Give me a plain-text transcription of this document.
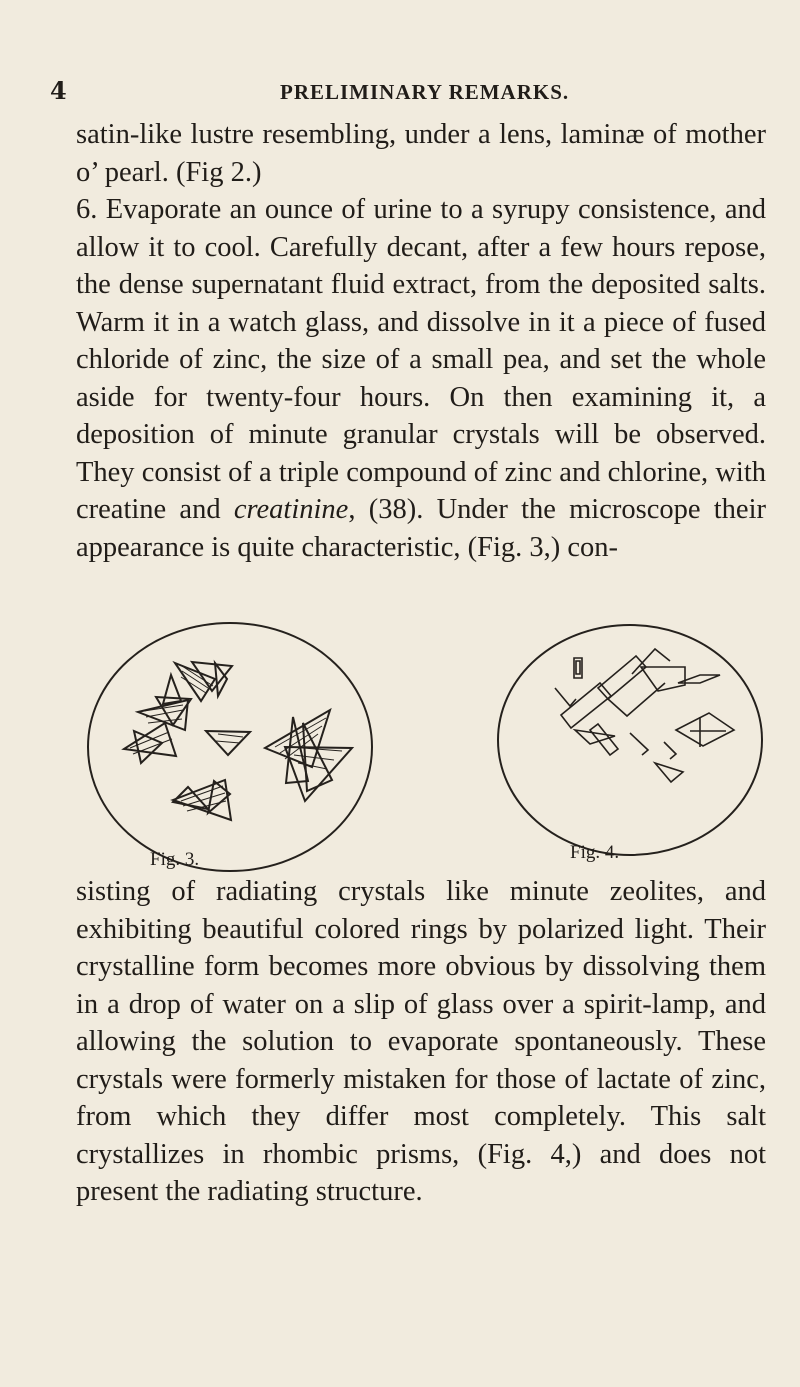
4	PRELIMINARY REMARKS.

satin-like lustre resembling, under a lens, laminæ of mother o’ pearl. (Fig 2.)

6. Evaporate an ounce of urine to a syrupy consistence, and allow it to cool. Carefully decant, after a few hours repose, the dense supernatant fluid extract, from the deposited salts. Warm it in a watch glass, and dissolve in it a piece of fused chloride of zinc, the size of a small pea, and set the whole aside for twenty-four hours. On then examining it, a deposition of minute granular crystals will be observed. They consist of a triple compound of zinc and chlorine, with creatine and creatinine, (38). Under the microscope their appearance is quite characteristic, (Fig. 3,) con-

Fig. 3.	Fig. 4.

sisting of radiating crystals like minute zeolites, and exhibiting beautiful colored rings by polarized light. Their crystalline form becomes more obvious by dissolving them in a drop of water on a slip of glass over a spirit-lamp, and allowing the solution to evaporate spontaneously. These crystals were formerly mistaken for those of lactate of zinc, from which they differ most completely. This salt crystallizes in rhombic prisms, (Fig. 4,) and does not present the radiating structure.
